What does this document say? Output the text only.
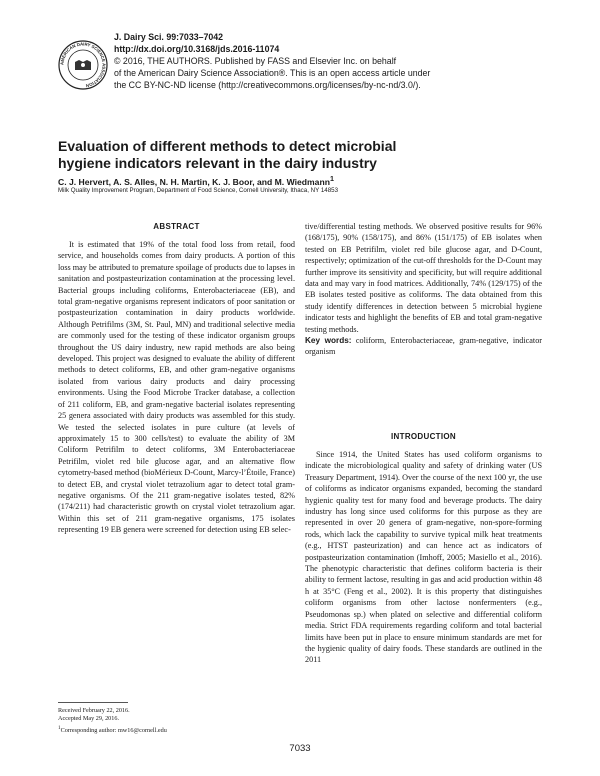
AMERICAN DAIRY SCIENCE ASSOCIATION
J. Dairy Sci. 99:7033–7042
http://dx.doi.org/10.3168/jds.2016-11074
© 2016, THE AUTHORS. Published by FASS and Elsevier Inc. on behalf
of the American Dairy Science Association®. This is an open access article under
the CC BY-NC-ND license (http://creativecommons.org/licenses/by-nc-nd/3.0/).
Evaluation of different methods to detect microbial
hygiene indicators relevant in the dairy industry
C. J. Hervert, A. S. Alles, N. H. Martin, K. J. Boor, and M. Wiedmann$^1$
Milk Quality Improvement Program, Department of Food Science, Cornell University, Ithaca, NY 14853
ABSTRACT

It is estimated that 19% of the total food loss from retail, food service, and households comes from dairy products. A portion of this loss may be attributed to premature spoilage of products due to lapses in sanitation and postpasteurization contamination at the processing level. Bacterial groups including coliforms, Enterobacteriaceae (EB), and total gram-negative organisms represent indicators of poor sanitation or postpasteurization contamination in dairy products worldwide. Although Petrifilms (3M, St. Paul, MN) and traditional selective media are commonly used for the testing of these indicator organism groups throughout the US dairy industry, new rapid methods are also being developed. This project was designed to evaluate the ability of different methods to detect coliforms, EB, and other gram-negative organisms isolated from various dairy products and dairy processing environments. Using the Food Microbe Tracker database, a collection of 211 coliform, EB, and gram-negative bacterial isolates representing 25 genera associated with dairy products was assembled for this study. We tested the selected isolates in pure culture (at levels of approximately 15 to 300 cells/test) to evaluate the ability of 3M Coliform Petrifilm to detect coliforms, 3M Enterobacteriaceae Petrifilm, violet red bile glucose agar, and an alternative flow cytometry-based method (bioMérieux D-Count, Marcy-l’Étoile, France) to detect EB, and crystal violet tetrazolium agar to detect total gram-negative organisms. Of the 211 gram-negative isolates tested, 82% (174/211) had characteristic growth on crystal violet tetrazolium agar. Within this set of 211 gram-negative organisms, 175 isolates representing 19 EB genera were screened for detection using EB selec-

tive/differential testing methods. We observed positive results for 96% (168/175), 90% (158/175), and 86% (151/175) of EB isolates when tested on EB Petrifilm, violet red bile glucose agar, and D-Count, respectively; optimization of the cut-off thresholds for the D-Count may further improve its sensitivity and specificity, but will require additional data and may vary in food matrices. Additionally, 74% (129/175) of the EB isolates tested positive as coliforms. The data obtained from this study identify differences in detection between 5 microbial hygiene indicator tests and highlight the benefits of EB and total gram-negative testing methods.

Key words: coliform, Enterobacteriaceae, gram-negative, indicator organism

INTRODUCTION

Since 1914, the United States has used coliform organisms to indicate the microbiological quality and safety of drinking water (US Treasury Department, 1914). Over the course of the next 100 yr, the use of coliforms as indicator organisms expanded, becoming the standard hygienic quality test for many food and beverage products. The dairy industry has long since used coliforms for this purpose as they are represented in over 20 genera of gram-negative, non-spore-forming rods, which lack the capability to survive typical milk heat treatments (e.g., HTST pasteurization) and can hence act as indicators of postpasteurization contamination (Imhoff, 2005; Masiello et al., 2016). The phenotypic characteristic that defines coliform bacteria is their ability to ferment lactose, resulting in gas and acid production within 48 h at 35°C (Feng et al., 2002). It is this property that distinguishes coliform organisms from other lactose nonfermenters (e.g., Pseudomonas sp.) when plated on selective and differential coliform media. Strict FDA requirements regarding coliform and total bacterial limits have been put in place to ensure minimum standards are met for the hygienic quality of dairy foods. These standards are outlined in the 2011

Received February 22, 2016.
Accepted May 29, 2016.
$^1$Corresponding author: mw16@cornell.edu
7033
